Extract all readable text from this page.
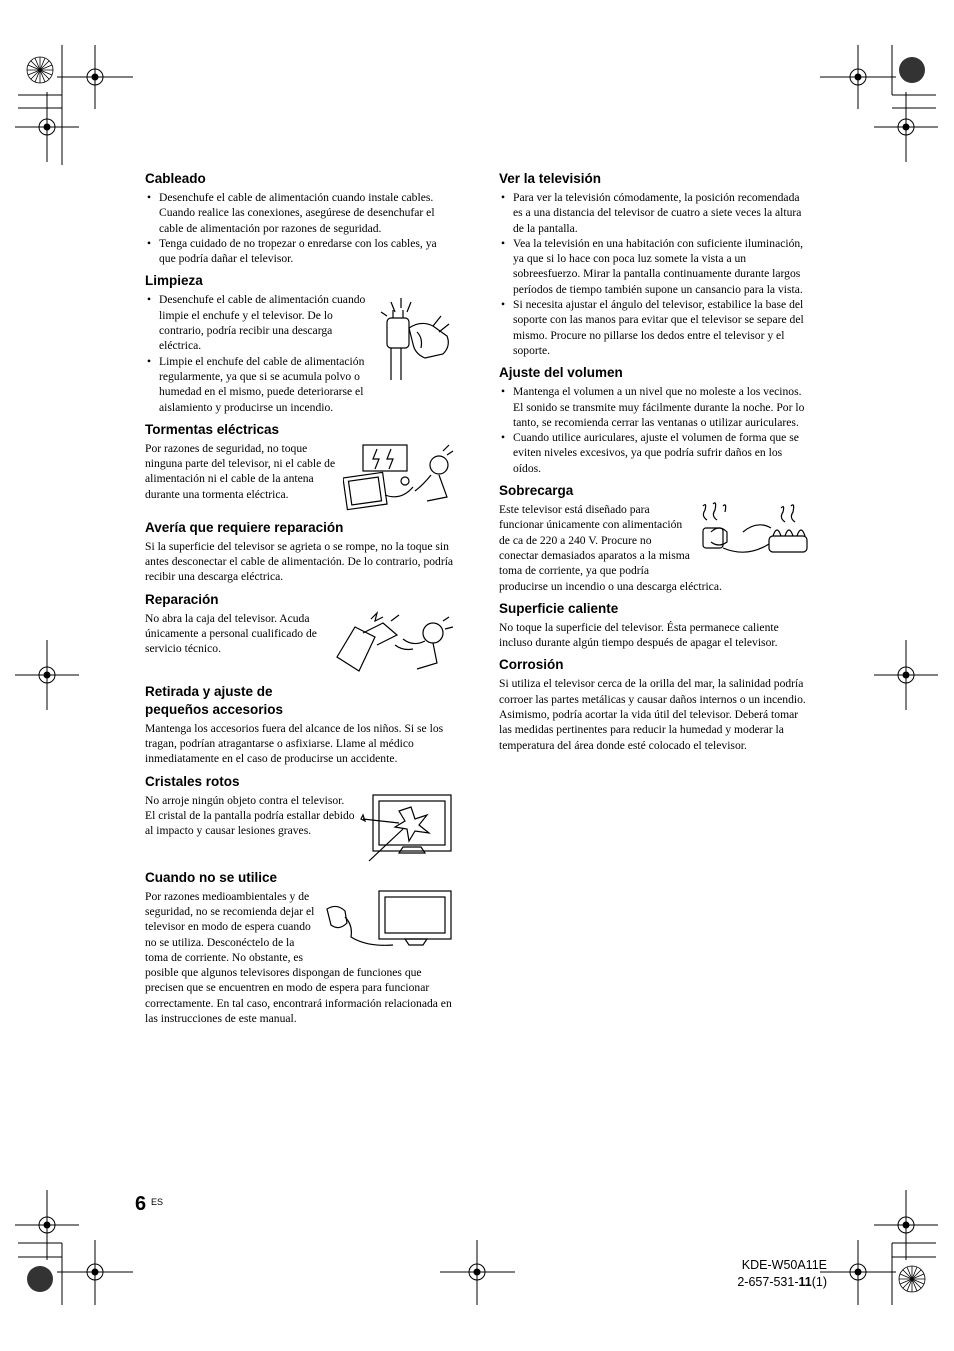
Cableado
• Desenchufe el cable de alimentación cuando instale cables. Cuando realice las conexiones, asegúrese de desenchufar el cable de alimentación por razones de seguridad.
• Tenga cuidado de no tropezar o enredarse con los cables, ya que podría dañar el televisor.
Limpieza
• Desenchufe el cable de alimentación cuando limpie el enchufe y el televisor. De lo contrario, podría recibir una descarga eléctrica.
• Limpie el enchufe del cable de alimentación regularmente, ya que si se acumula polvo o humedad en el mismo, puede deteriorarse el aislamiento y producirse un incendio.
Tormentas eléctricas

Por razones de seguridad, no toque ninguna parte del televisor, ni el cable de alimentación ni el cable de la antena durante una tormenta eléctrica.

Avería que requiere reparación

Si la superficie del televisor se agrieta o se rompe, no la toque sin antes desconectar el cable de alimentación. De lo contrario, podría recibir una descarga eléctrica.

Reparación

No abra la caja del televisor. Acuda únicamente a personal cualificado de servicio técnico.

Retirada y ajuste de pequeños accesorios

Mantenga los accesorios fuera del alcance de los niños. Si se los tragan, podrían atragantarse o asfixiarse. Llame al médico inmediatamente en el caso de producirse un accidente.

Cristales rotos

No arroje ningún objeto contra el televisor. El cristal de la pantalla podría estallar debido al impacto y causar lesiones graves.

Cuando no se utilice

Por razones medioambientales y de seguridad, no se recomienda dejar el televisor en modo de espera cuando no se utiliza. Desconéctelo de la toma de corriente. No obstante, es posible que algunos televisores dispongan de funciones que precisen que se encuentren en modo de espera para funcionar correctamente. En tal caso, encontrará información relacionada en las instrucciones de este manual.

Ver la televisión
• Para ver la televisión cómodamente, la posición recomendada es a una distancia del televisor de cuatro a siete veces la altura de la pantalla.
• Vea la televisión en una habitación con suficiente iluminación, ya que si lo hace con poca luz somete la vista a un sobreesfuerzo. Mirar la pantalla continuamente durante largos períodos de tiempo también supone un cansancio para la vista.
• Si necesita ajustar el ángulo del televisor, estabilice la base del soporte con las manos para evitar que el televisor se separe del mismo. Procure no pillarse los dedos entre el televisor y el soporte.
Ajuste del volumen
• Mantenga el volumen a un nivel que no moleste a los vecinos. El sonido se transmite muy fácilmente durante la noche. Por lo tanto, se recomienda cerrar las ventanas o utilizar auriculares.
• Cuando utilice auriculares, ajuste el volumen de forma que se eviten niveles excesivos, ya que podría sufrir daños en los oídos.
Sobrecarga

Este televisor está diseñado para funcionar únicamente con alimentación de ca de 220 a 240 V. Procure no conectar demasiados aparatos a la misma toma de corriente, ya que podría producirse un incendio o una descarga eléctrica.

Superficie caliente

No toque la superficie del televisor. Ésta permanece caliente incluso durante algún tiempo después de apagar el televisor.

Corrosión

Si utiliza el televisor cerca de la orilla del mar, la salinidad podría corroer las partes metálicas y causar daños internos o un incendio. Asimismo, podría acortar la vida útil del televisor. Deberá tomar las medidas pertinentes para reducir la humedad y moderar la temperatura del área donde esté colocado el televisor.

6 ES
KDE-W50A11E
2-657-531-11(1)
